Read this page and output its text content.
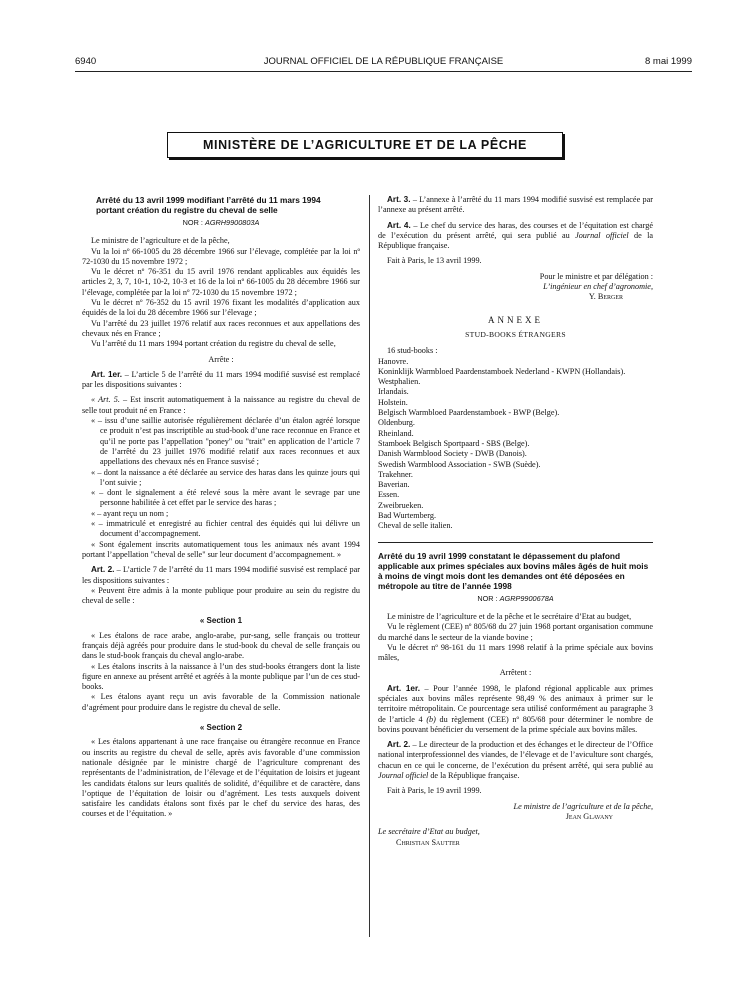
6940	JOURNAL OFFICIEL DE LA RÉPUBLIQUE FRANÇAISE	8 mai 1999
MINISTÈRE DE L’AGRICULTURE ET DE LA PÊCHE
Arrêté du 13 avril 1999 modifiant l’arrêté du 11 mars 1994 portant création du registre du cheval de selle
NOR : AGRH9900803A

Le ministre de l’agriculture et de la pêche,

Vu la loi nº 66-1005 du 28 décembre 1966 sur l’élevage, complétée par la loi nº 72-1030 du 15 novembre 1972 ;

Vu le décret nº 76-351 du 15 avril 1976 rendant applicables aux équidés les articles 2, 3, 7, 10-1, 10-2, 10-3 et 16 de la loi nº 66-1005 du 28 décembre 1966 sur l’élevage, complétée par la loi nº 72-1030 du 15 novembre 1972 ;

Vu le décret nº 76-352 du 15 avril 1976 fixant les modalités d’application aux équidés de la loi du 28 décembre 1966 sur l’élevage ;

Vu l’arrêté du 23 juillet 1976 relatif aux races reconnues et aux appellations des chevaux nés en France ;

Vu l’arrêté du 11 mars 1994 portant création du registre du cheval de selle,

Arrête :

Art. 1er. – L’article 5 de l’arrêté du 11 mars 1994 modifié susvisé est remplacé par les dispositions suivantes :

« Art. 5. – Est inscrit automatiquement à la naissance au registre du cheval de selle tout produit né en France :

« – issu d’une saillie autorisée régulièrement déclarée d’un étalon agréé lorsque ce produit n’est pas inscriptible au stud-book d’une race reconnue en France et qu’il ne porte pas l’appellation "poney" ou "trait" en application de l’article 7 de l’arrêté du 23 juillet 1976 modifié relatif aux races reconnues et aux appellations des chevaux nés en France susvisé ;
« – dont la naissance a été déclarée au service des haras dans les quinze jours qui l’ont suivie ;
« – dont le signalement a été relevé sous la mère avant le sevrage par une personne habilitée à cet effet par le service des haras ;
« – ayant reçu un nom ;
« – immatriculé et enregistré au fichier central des équidés qui lui délivre un document d’accompagnement.

« Sont également inscrits automatiquement tous les animaux nés avant 1994 portant l’appellation "cheval de selle" sur leur document d’accompagnement. »

Art. 2. – L’article 7 de l’arrêté du 11 mars 1994 modifié susvisé est remplacé par les dispositions suivantes :

« Peuvent être admis à la monte publique pour produire au sein du registre du cheval de selle :

« Section 1

« Les étalons de race arabe, anglo-arabe, pur-sang, selle français ou trotteur français déjà agréés pour produire dans le stud-book du cheval de selle français ou dans le stud-book français du cheval anglo-arabe.

« Les étalons inscrits à la naissance à l’un des stud-books étrangers dont la liste figure en annexe au présent arrêté et agréés à la monte publique par l’un de ces stud-books.

« Les étalons ayant reçu un avis favorable de la Commission nationale d’agrément pour produire dans le registre du cheval de selle.

« Section 2

« Les étalons appartenant à une race française ou étrangère reconnue en France ou inscrits au registre du cheval de selle, après avis favorable d’une commission nationale désignée par le ministre chargé de l’agriculture comprenant des représentants de l’administration, de l’élevage et de l’équitation de loisirs et jugeant les candidats étalons sur leurs qualités de solidité, d’équilibre et de caractère, dans l’optique de l’équitation de loisir ou d’agrément. Les tests auxquels doivent satisfaire les candidats étalons sont fixés par le chef du service des haras, des courses et de l’équitation. »

Art. 3. – L’annexe à l’arrêté du 11 mars 1994 modifié susvisé est remplacée par l’annexe au présent arrêté.

Art. 4. – Le chef du service des haras, des courses et de l’équitation est chargé de l’exécution du présent arrêté, qui sera publié au Journal officiel de la République française.

Fait à Paris, le 13 avril 1999.

Pour le ministre et par délégation :

L’ingénieur en chef d’agronomie,

Y. Berger

ANNEXE

STUD-BOOKS ÉTRANGERS

16 stud-books :

Hanovre.
Koninklijk Warmbloed Paardenstamboek Nederland - KWPN (Hollandais).
Westphalien.
Irlandais.
Holstein.
Belgisch Warmbloed Paardenstamboek - BWP (Belge).
Oldenburg.
Rheinland.
Stamboek Belgisch Sportpaard - SBS (Belge).
Danish Warmblood Society - DWB (Danois).
Swedish Warmblood Association - SWB (Suède).
Trakehner.
Baverian.
Essen.
Zweibrueken.
Bad Wurtemberg.
Cheval de selle italien.
Arrêté du 19 avril 1999 constatant le dépassement du plafond applicable aux primes spéciales aux bovins mâles âgés de huit mois à moins de vingt mois dont les demandes ont été déposées en métropole au titre de l’année 1998
NOR : AGRP9900678A

Le ministre de l’agriculture et de la pêche et le secrétaire d’Etat au budget,

Vu le règlement (CEE) nº 805/68 du 27 juin 1968 portant organisation commune du marché dans le secteur de la viande bovine ;

Vu le décret nº 98-161 du 11 mars 1998 relatif à la prime spéciale aux bovins mâles,

Arrêtent :

Art. 1er. – Pour l’année 1998, le plafond régional applicable aux primes spéciales aux bovins mâles représente 98,49 % des animaux à primer sur le territoire métropolitain. Ce pourcentage sera utilisé conformément au paragraphe 3 de l’article 4 (b) du règlement (CEE) nº 805/68 pour déterminer le nombre de bovins pouvant bénéficier du versement de la prime spéciale aux bovins mâles.

Art. 2. – Le directeur de la production et des échanges et le directeur de l’Office national interprofessionnel des viandes, de l’élevage et de l’aviculture sont chargés, chacun en ce qui le concerne, de l’exécution du présent arrêté, qui sera publié au Journal officiel de la République française.

Fait à Paris, le 19 avril 1999.

Le ministre de l’agriculture et de la pêche,

Jean Glavany

Le secrétaire d’Etat au budget,

Christian Sautter
